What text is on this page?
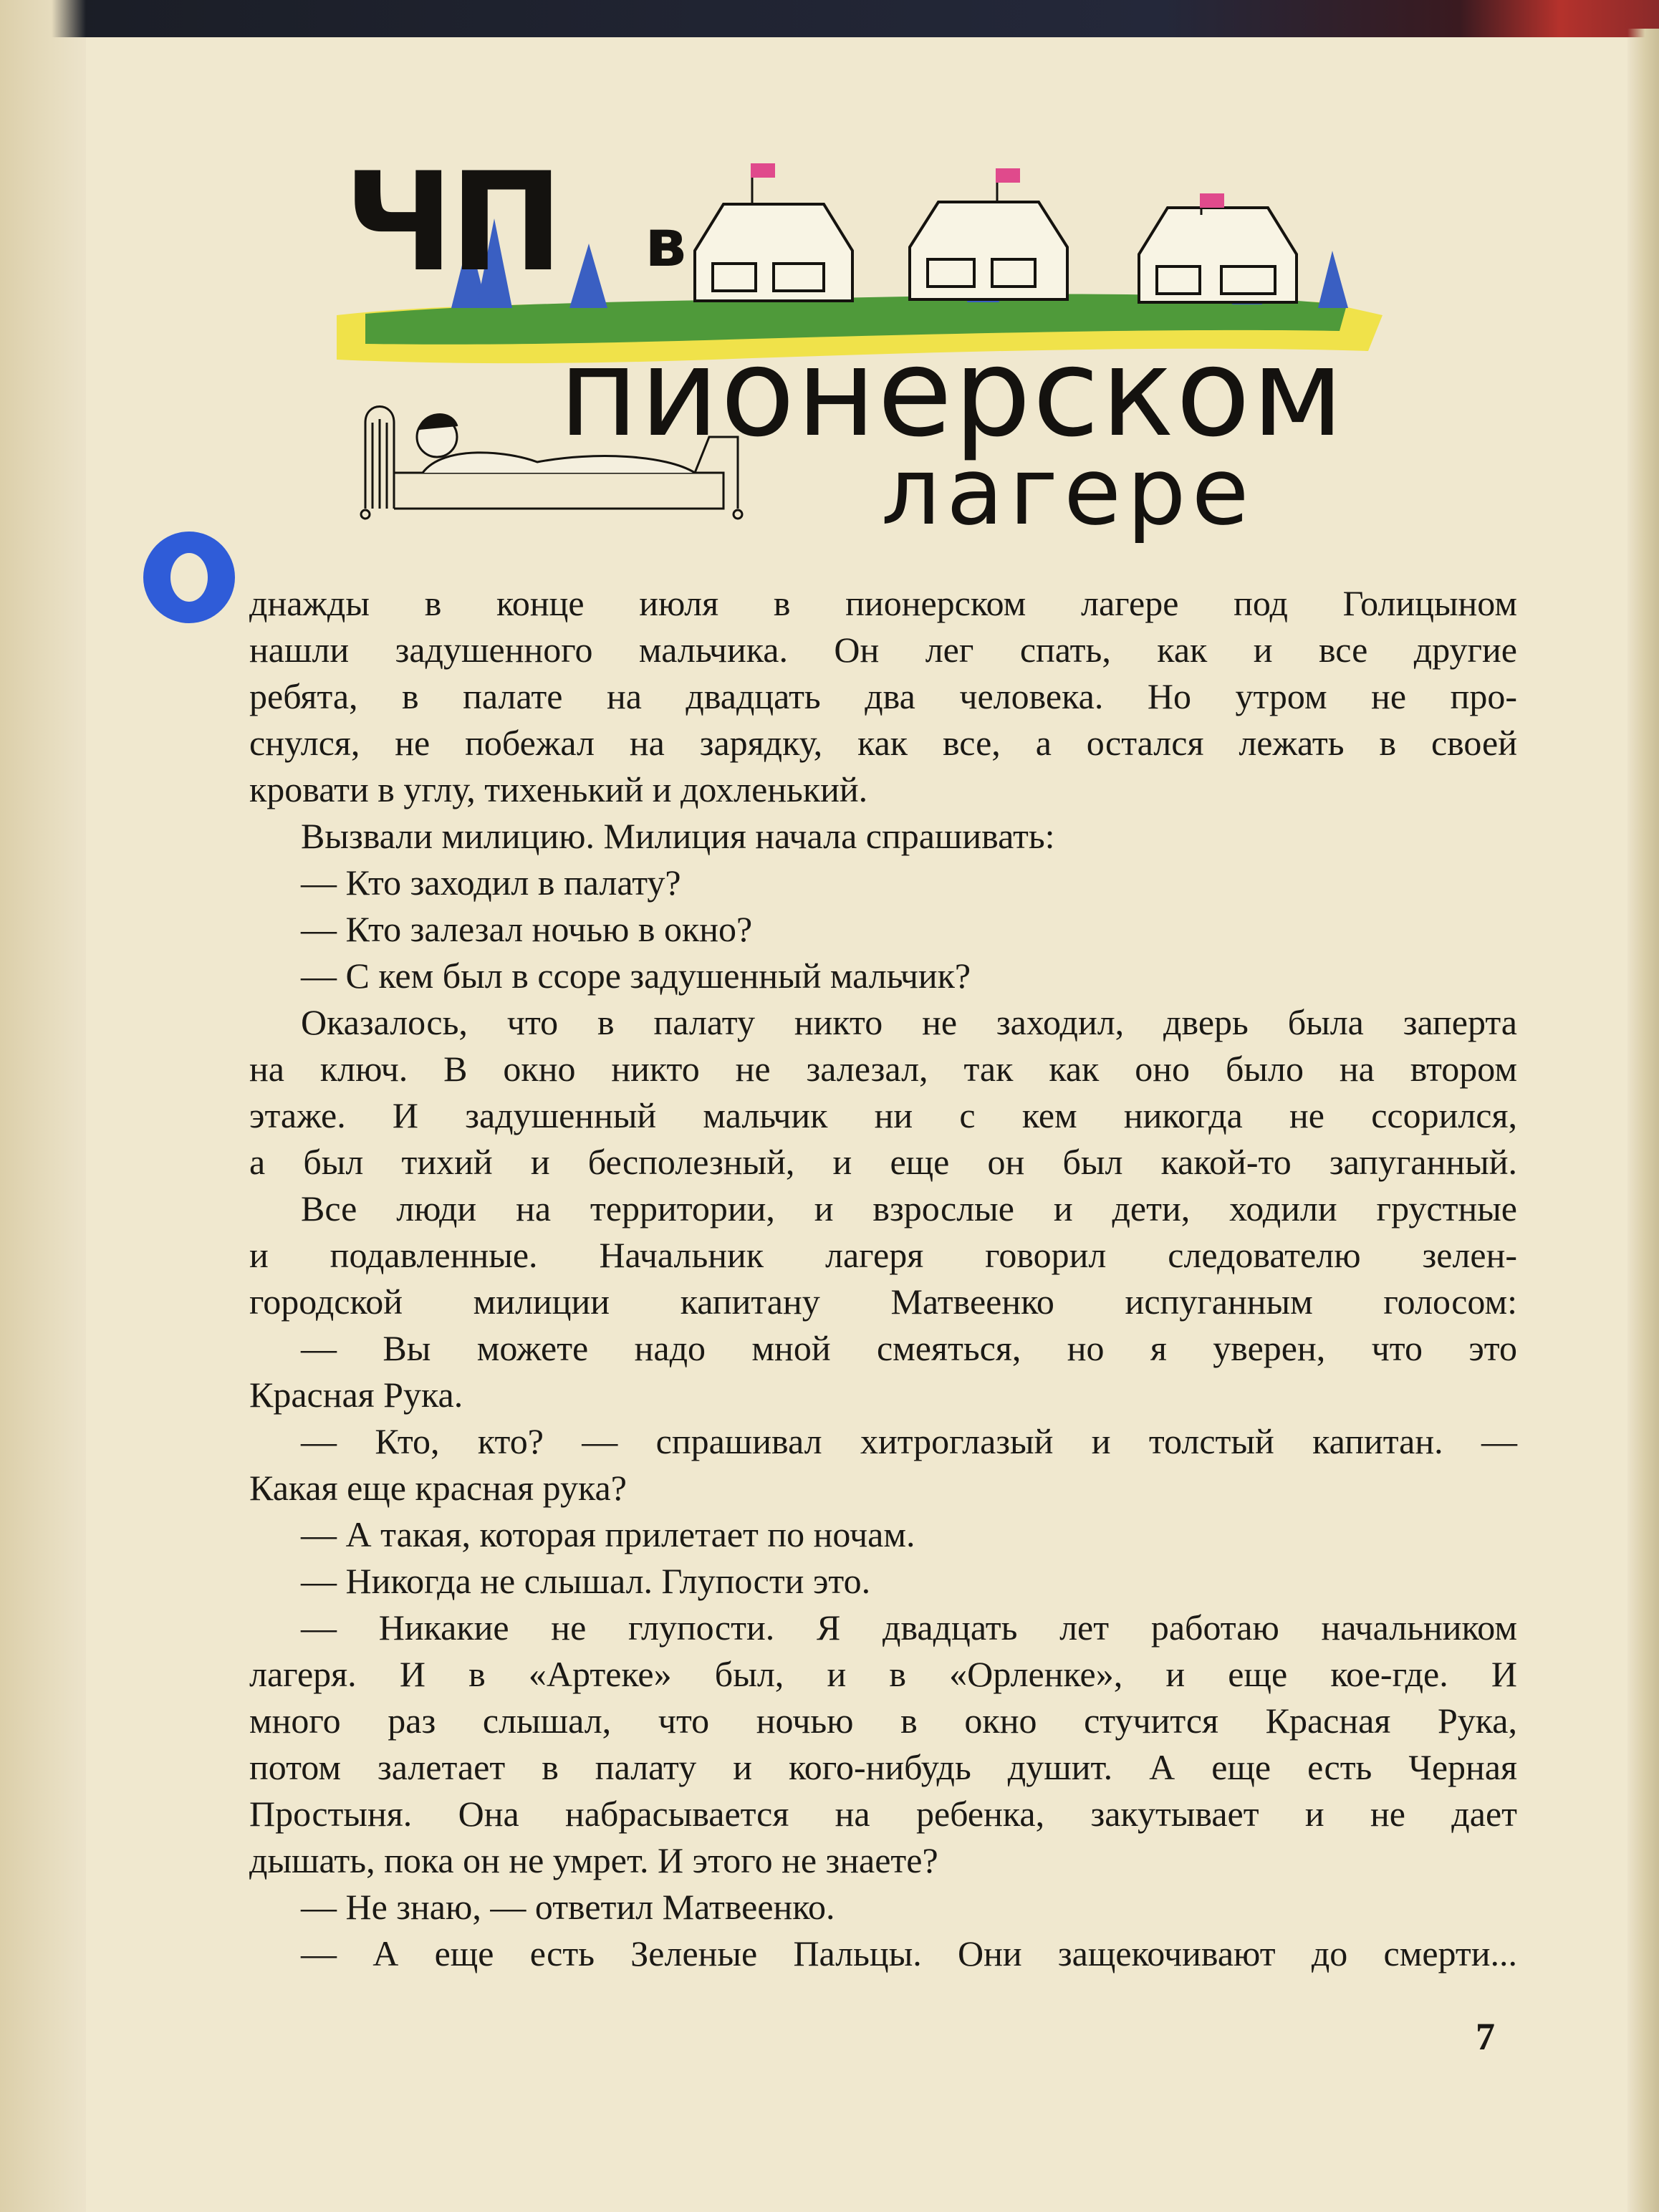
ЧП в

пионерском

лагере

днажды в конце июля в пионерском лагере под Голицыном
нашли задушенного мальчика. Он лег спать, как и все другие
ребята, в палате на двадцать два человека. Но утром не про-
снулся, не побежал на зарядку, как все, а остался лежать в своей
кровати в углу, тихенький и дохленький.
Вызвали милицию. Милиция начала спрашивать:
— Кто заходил в палату?
— Кто залезал ночью в окно?
— С кем был в ссоре задушенный мальчик?
Оказалось, что в палату никто не заходил, дверь была заперта
на ключ. В окно никто не залезал, так как оно было на втором
этаже. И задушенный мальчик ни с кем никогда не ссорился,
а был тихий и бесполезный, и еще он был какой-то запуганный.
Все люди на территории, и взрослые и дети, ходили грустные
и подавленные. Начальник лагеря говорил следователю зелен-
городской милиции капитану Матвеенко испуганным голосом:
— Вы можете надо мной смеяться, но я уверен, что это
Красная Рука.
— Кто, кто? — спрашивал хитроглазый и толстый капитан. —
Какая еще красная рука?
— А такая, которая прилетает по ночам.
— Никогда не слышал. Глупости это.
— Никакие не глупости. Я двадцать лет работаю начальником
лагеря. И в «Артеке» был, и в «Орленке», и еще кое-где. И
много раз слышал, что ночью в окно стучится Красная Рука,
потом залетает в палату и кого-нибудь душит. А еще есть Черная
Простыня. Она набрасывается на ребенка, закутывает и не дает
дышать, пока он не умрет. И этого не знаете?
— Не знаю, — ответил Матвеенко.
— А еще есть Зеленые Пальцы. Они защекочивают до смерти...

7
